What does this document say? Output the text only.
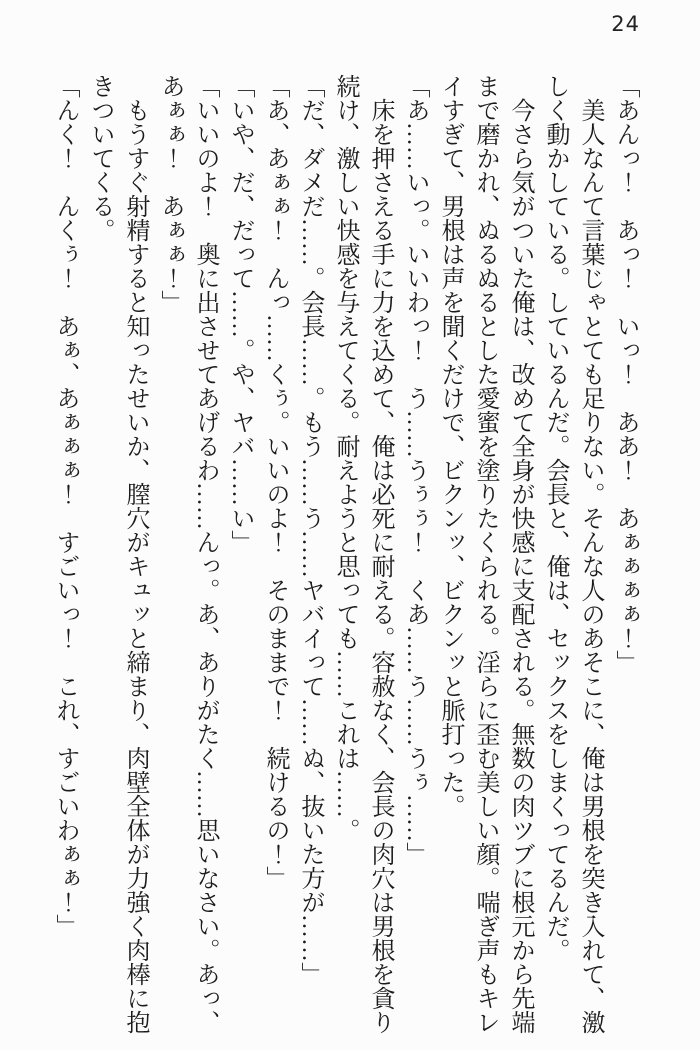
24

「あんっ！　あっ！　いっ！　ああ！　あぁぁぁぁ！」

美人なんて言葉じゃとても足りない。そんな人のあそこに、俺は男根を突き入れて、激

しく動かしている。しているんだ。会長と、俺は、セックスをしまくってるんだ。

今さら気がついた俺は、改めて全身が快感に支配される。無数の肉ツブに根元から先端

まで磨かれ、ぬるぬるとした愛蜜を塗りたくられる。淫らに歪む美しい顔。喘ぎ声もキレ

イすぎて、男根は声を聞くだけで、ビクンッ、ビクンッと脈打った。

「あ……いっ。いいわっ！　う……うぅぅ！　くあ……う……うぅ……」

床を押さえる手に力を込めて、俺は必死に耐える。容赦なく、会長の肉穴は男根を貪り

続け、激しい快感を与えてくる。耐えようと思っても……これは……。

「だ、ダメだ……。会長……。もう……う……ヤバイって……ぬ、抜いた方が……」

「あ、あぁぁ！　んっ……くぅ。いいのよ！　そのままで！　続けるの！」

「いや、だ、だって……。や、ヤバ……い」

「いいのよ！　奥に出させてあげるわ……んっ。あ、ありがたく……思いなさい。あっ、

あぁぁ！　あぁぁ！」

もうすぐ射精すると知ったせいか、膣穴がキュッと締まり、肉壁全体が力強く肉棒に抱

きついてくる。

「んく！　んくぅ！　あぁ、あぁぁぁ！　すごいっ！　これ、すごいわぁぁ！」
